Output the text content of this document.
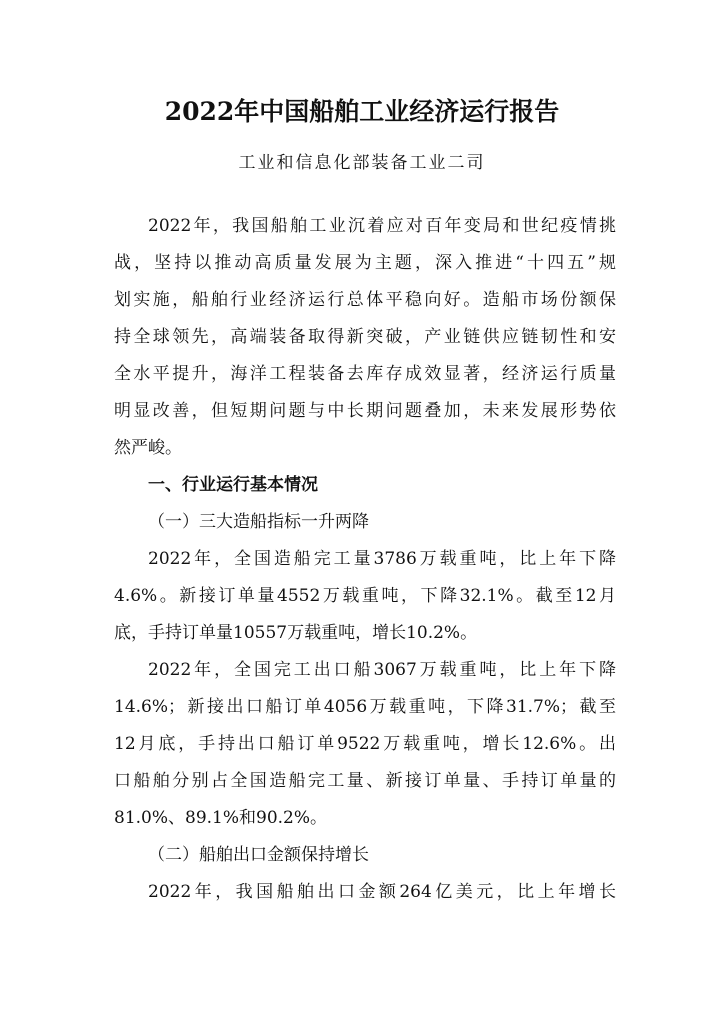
2022年中国船舶工业经济运行报告

工业和信息化部装备工业二司

2022年，我国船舶工业沉着应对百年变局和世纪疫情挑
战，坚持以推动高质量发展为主题，深入推进“十四五”规
划实施，船舶行业经济运行总体平稳向好。造船市场份额保
持全球领先，高端装备取得新突破，产业链供应链韧性和安
全水平提升，海洋工程装备去库存成效显著，经济运行质量
明显改善，但短期问题与中长期问题叠加，未来发展形势依
然严峻。

一、行业运行基本情况

（一）三大造船指标一升两降

2022年，全国造船完工量3786万载重吨，比上年下降
4.6%。新接订单量4552万载重吨，下降32.1%。截至12月
底，手持订单量10557万载重吨，增长10.2%。
2022年，全国完工出口船3067万载重吨，比上年下降
14.6%；新接出口船订单4056万载重吨，下降31.7%；截至
12月底，手持出口船订单9522万载重吨，增长12.6%。出
口船舶分别占全国造船完工量、新接订单量、手持订单量的
81.0%、89.1%和90.2%。

（二）船舶出口金额保持增长

2022年，我国船舶出口金额264亿美元，比上年增长
